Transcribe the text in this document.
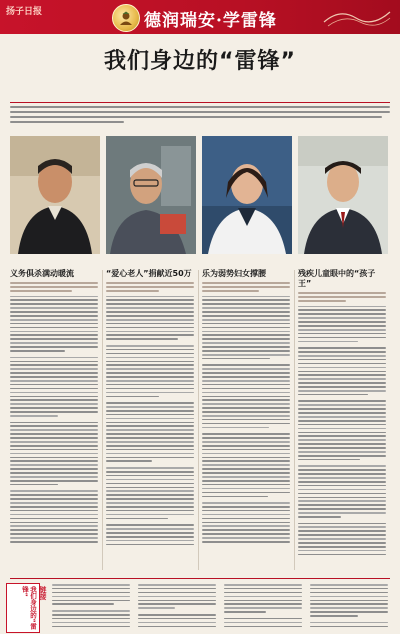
扬子日报	德润瑞安·学雷锋
我们身边的“雷锋”
义务俱杀满动暖流	“爱心老人”捐献近50万 乐为弱势妇女撑腰	残疾儿童眼中的“孩子王”
我们身边的“雷锋”	链接
